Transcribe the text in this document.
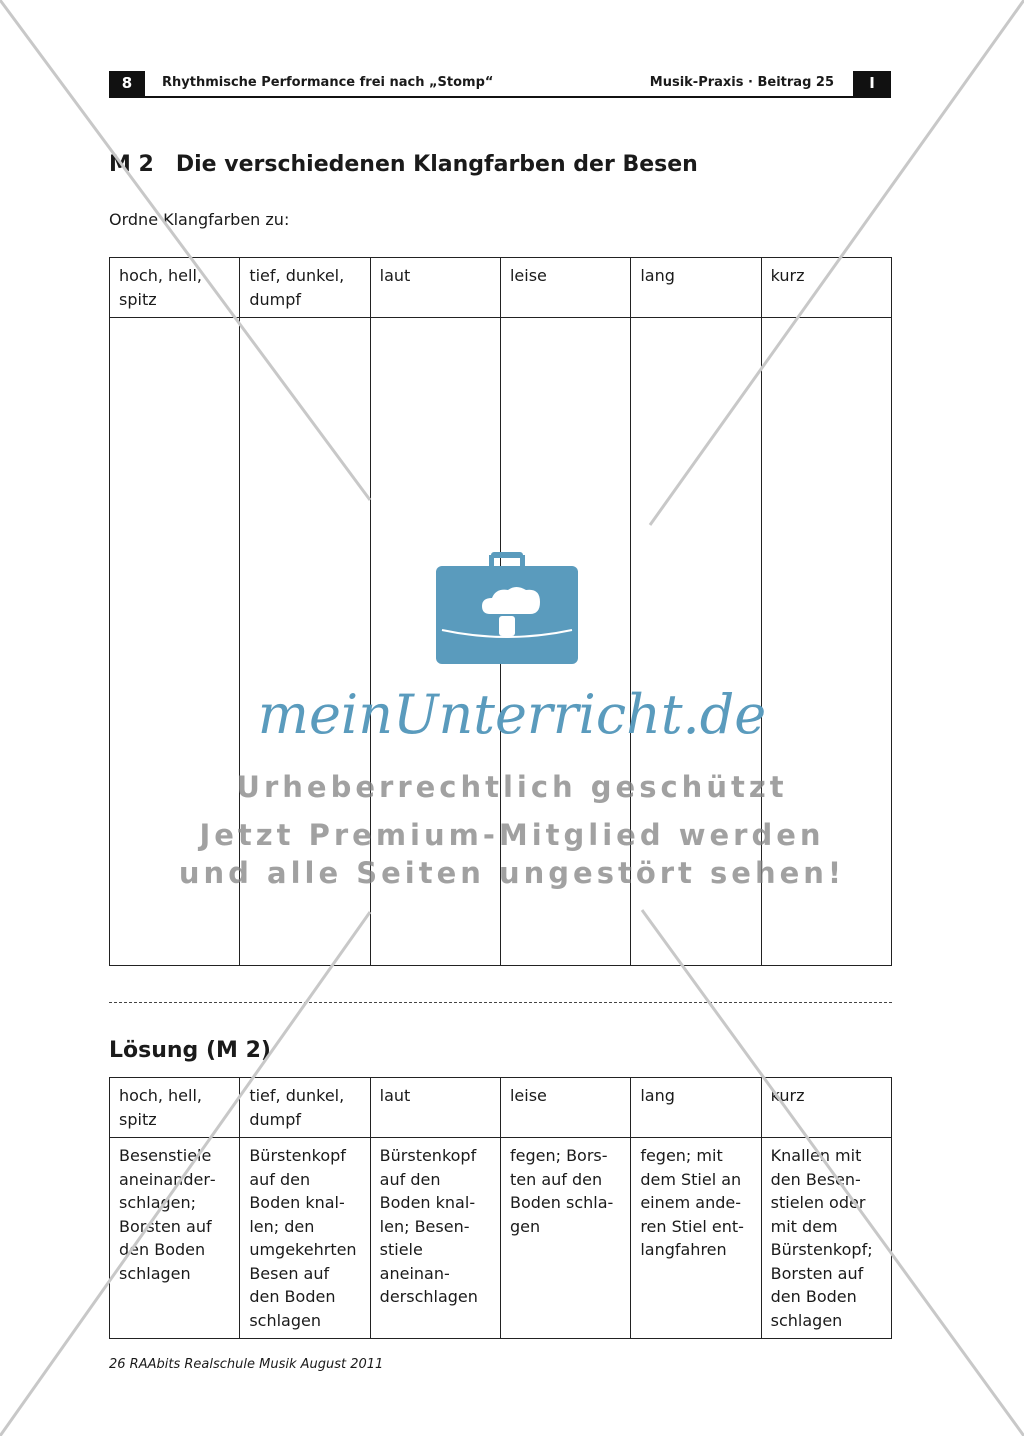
8	Rhythmische Performance frei nach „Stomp“	Musik-Praxis · Beitrag 25	I
M 2 Die verschiedenen Klangfarben der Besen
Ordne Klangfarben zu:
hoch, hell, spitz	tief, dunkel, dumpf	laut	leise	lang	kurz

Lösung (M 2)
hoch, hell, spitz	tief, dunkel, dumpf	laut	leise	lang	kurz
Besenstiele aneinanderschlagen; Borsten auf den Boden schlagen	Bürstenkopf auf den Boden knallen; den umgekehrten Besen auf den Boden schlagen	Bürstenkopf auf den Boden knallen; Besenstiele aneinanderschlagen	fegen; Borsten auf den Boden schlagen	fegen; mit dem Stiel an einem anderen Stiel entlangfahren	Knallen mit den Besenstielen oder mit dem Bürstenkopf; Borsten auf den Boden schlagen
26 RAAbits Realschule Musik August 2011
meinUnterricht.de
Urheberrechtlich geschützt
Jetzt Premium-Mitglied werden
und alle Seiten ungestört sehen!
